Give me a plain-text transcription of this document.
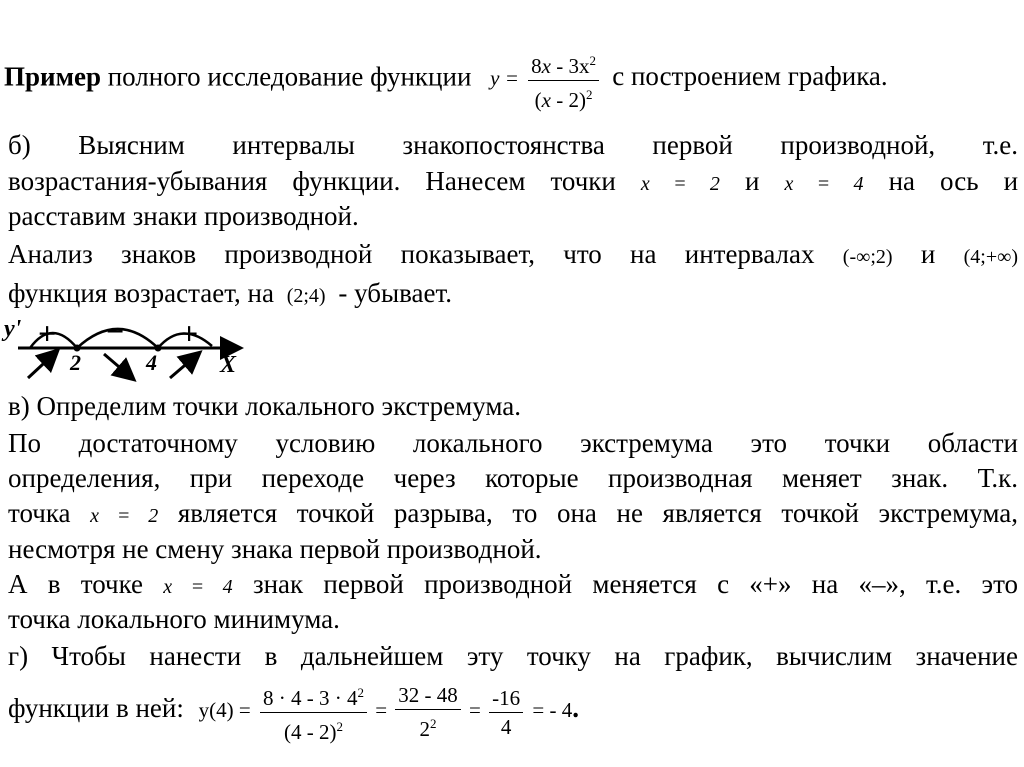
Пример полного исследование функции $y = \frac{8x - 3x^2}{(x - 2)^2}$ с построением графика.
б) Выясним интервалы знакопостоянства первой производной, т.е.
возрастания-убывания функции. Нанесем точки x = 2 и x = 4 на ось и
расставим знаки производной.
Анализ знаков производной показывает, что на интервалах (-∞;2) и (4;+∞)
функция возрастает, на (2;4) - убывает.
y' + − +
2	4	X
в) Определим точки локального экстремума.
По достаточному условию локального экстремума это точки области
определения, при переходе через которые производная меняет знак. Т.к.
точка x = 2 является точкой разрыва, то она не является точкой экстремума,
несмотря не смену знака первой производной.
А в точке x = 4 знак первой производной меняется с «+» на «–», т.е. это
точка локального минимума.
г) Чтобы нанести в дальнейшем эту точку на график, вычислим значение
функции в ней: $y(4) = \frac{8 \cdot 4 - 3 \cdot 4^2}{(4 - 2)^2} = \frac{32 - 48}{2^2} = \frac{-16}{4}$ = - 4.
